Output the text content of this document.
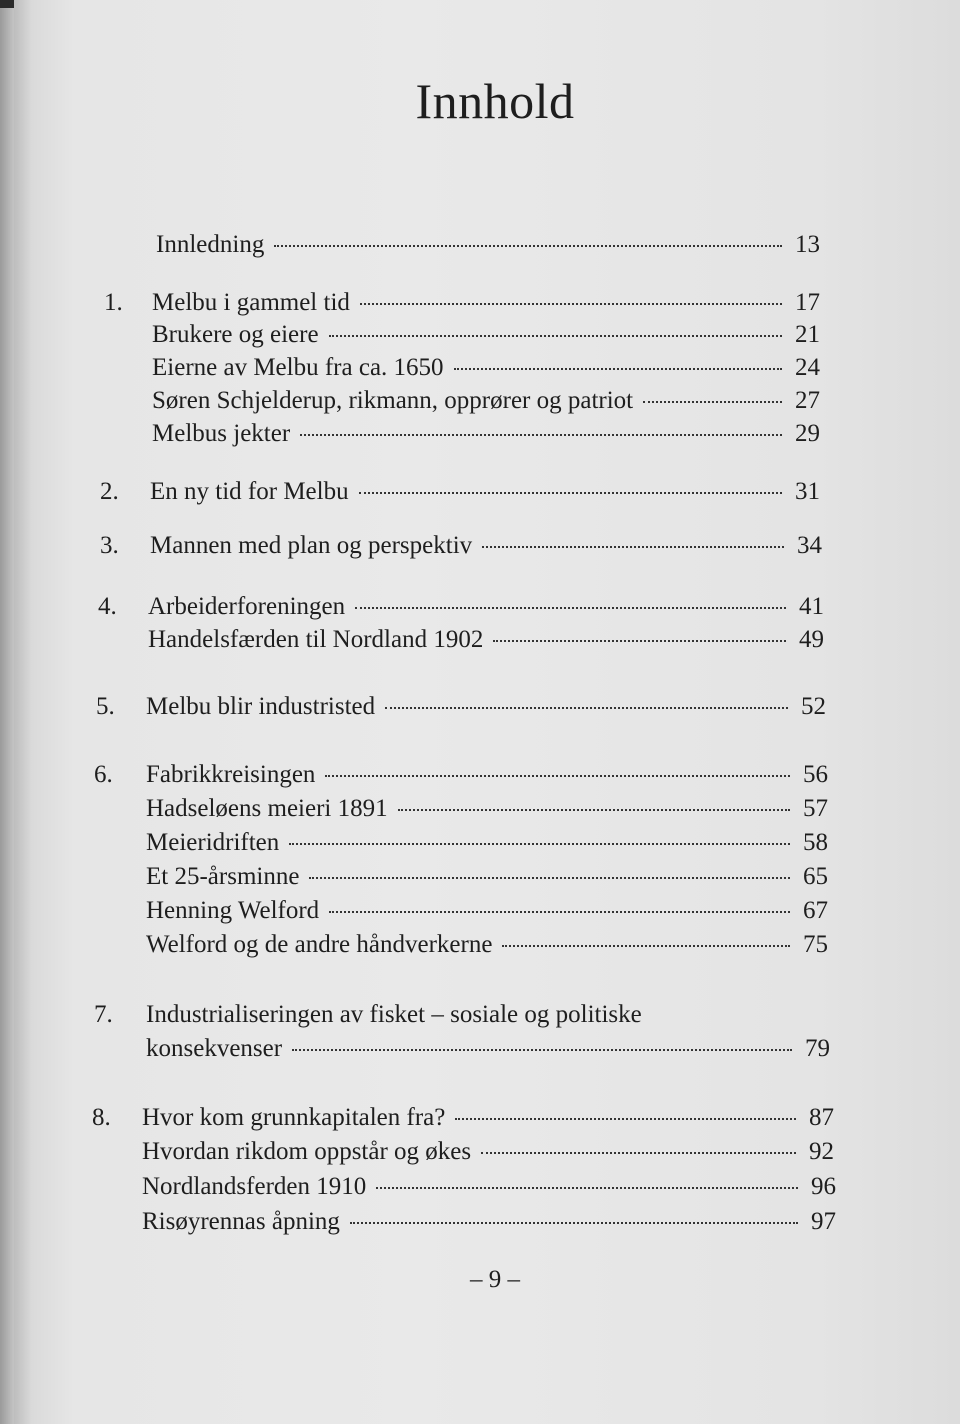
Innhold
Innledning	13
1.	Melbu i gammel tid	17
Brukere og eiere	21
Eierne av Melbu fra ca. 1650	24
Søren Schjelderup, rikmann, opprører og patriot	27
Melbus jekter	29
2.	En ny tid for Melbu	31
3.	Mannen med plan og perspektiv	34
4.	Arbeiderforeningen	41
Handelsfærden til Nordland 1902	49
5.	Melbu blir industristed	52
6.	Fabrikkreisingen	56
Hadseløens meieri 1891	57
Meieridriften	58
Et 25-årsminne	65
Henning Welford	67
Welford og de andre håndverkerne	75
7.	Industrialiseringen av fisket – sosiale og politiske
konsekvenser	79
8.	Hvor kom grunnkapitalen fra?	87
Hvordan rikdom oppstår og økes	92
Nordlandsferden 1910	96
Risøyrennas åpning	97
– 9 –
